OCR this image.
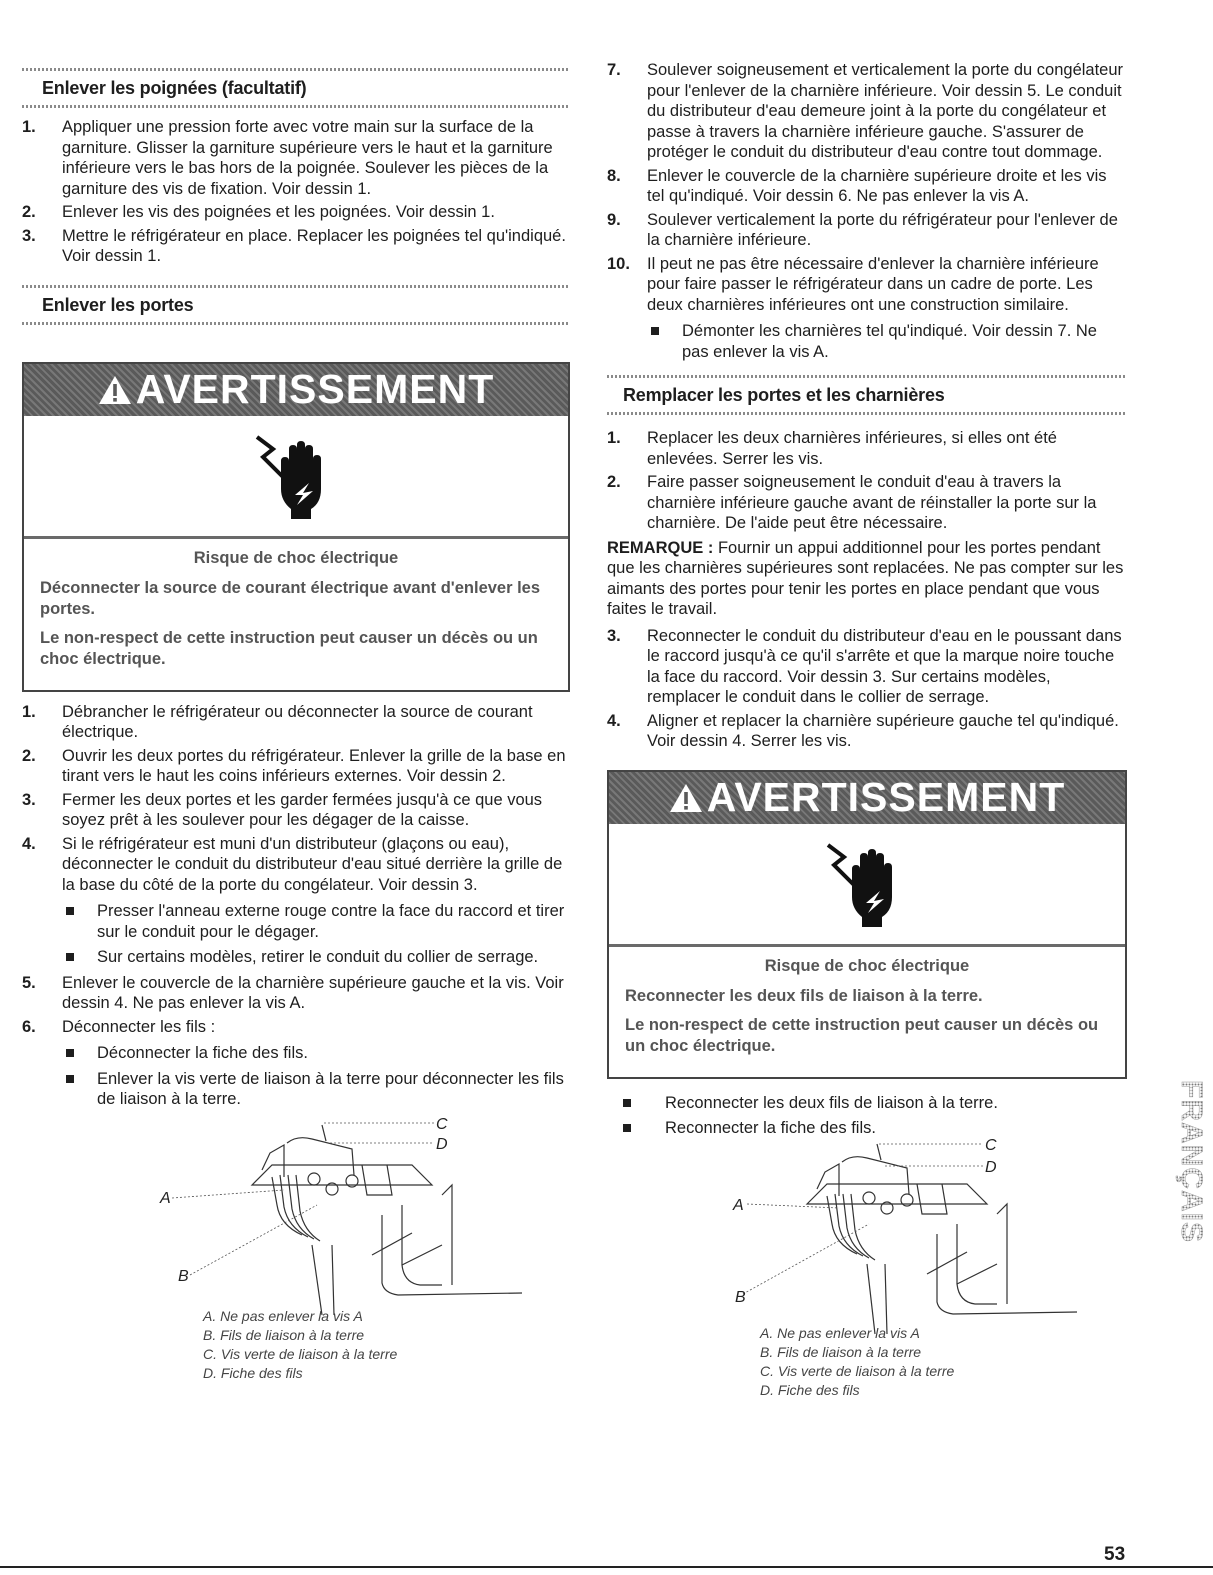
Enlever les poignées (facultatif)
1. Appliquer une pression forte avec votre main sur la surface de la garniture. Glisser la garniture supérieure vers le haut et la garniture inférieure vers le bas hors de la poignée. Soulever les pièces de la garniture des vis de fixation. Voir dessin 1.
2. Enlever les vis des poignées et les poignées. Voir dessin 1.
3. Mettre le réfrigérateur en place. Replacer les poignées tel qu'indiqué. Voir dessin 1.
Enlever les portes
AVERTISSEMENT
Risque de choc électrique

Déconnecter la source de courant électrique avant d'enlever les portes.

Le non-respect de cette instruction peut causer un décès ou un choc électrique.

1. Débrancher le réfrigérateur ou déconnecter la source de courant électrique.
2. Ouvrir les deux portes du réfrigérateur. Enlever la grille de la base en tirant vers le haut les coins inférieurs externes. Voir dessin 2.
3. Fermer les deux portes et les garder fermées jusqu'à ce que vous soyez prêt à les soulever pour les dégager de la caisse.
4. Si le réfrigérateur est muni d'un distributeur (glaçons ou eau), déconnecter le conduit du distributeur d'eau situé derrière la grille de la base du côté de la porte du congélateur. Voir dessin 3.
Presser l'anneau externe rouge contre la face du raccord et tirer sur le conduit pour le dégager.
Sur certains modèles, retirer le conduit du collier de serrage.
5. Enlever le couvercle de la charnière supérieure gauche et la vis. Voir dessin 4. Ne pas enlever la vis A.
6. Déconnecter les fils :
Déconnecter la fiche des fils.
Enlever la vis verte de liaison à la terre pour déconnecter les fils de liaison à la terre.
A
B
C
D
A. Ne pas enlever la vis A
B. Fils de liaison à la terre
C. Vis verte de liaison à la terre
D. Fiche des fils
7. Soulever soigneusement et verticalement la porte du congélateur pour l'enlever de la charnière inférieure. Voir dessin 5. Le conduit du distributeur d'eau demeure joint à la porte du congélateur et passe à travers la charnière inférieure gauche. S'assurer de protéger le conduit du distributeur d'eau contre tout dommage.
8. Enlever le couvercle de la charnière supérieure droite et les vis tel qu'indiqué. Voir dessin 6. Ne pas enlever la vis A.
9. Soulever verticalement la porte du réfrigérateur pour l'enlever de la charnière inférieure.
10. Il peut ne pas être nécessaire d'enlever la charnière inférieure pour faire passer le réfrigérateur dans un cadre de porte. Les deux charnières inférieures ont une construction similaire.
Démonter les charnières tel qu'indiqué. Voir dessin 7. Ne pas enlever la vis A.
Remplacer les portes et les charnières
1. Replacer les deux charnières inférieures, si elles ont été enlevées. Serrer les vis.
2. Faire passer soigneusement le conduit d'eau à travers la charnière inférieure gauche avant de réinstaller la porte sur la charnière. De l'aide peut être nécessaire.
REMARQUE : Fournir un appui additionnel pour les portes pendant que les charnières supérieures sont replacées. Ne pas compter sur les aimants des portes pour tenir les portes en place pendant que vous faites le travail.
3. Reconnecter le conduit du distributeur d'eau en le poussant dans le raccord jusqu'à ce qu'il s'arrête et que la marque noire touche la face du raccord. Voir dessin 3. Sur certains modèles, remplacer le conduit dans le collier de serrage.
4. Aligner et replacer la charnière supérieure gauche tel qu'indiqué. Voir dessin 4. Serrer les vis.
AVERTISSEMENT
Risque de choc électrique

Reconnecter les deux fils de liaison à la terre.

Le non-respect de cette instruction peut causer un décès ou un choc électrique.

Reconnecter les deux fils de liaison à la terre.
Reconnecter la fiche des fils.
A
B
C
D
A. Ne pas enlever la vis A
B. Fils de liaison à la terre
C. Vis verte de liaison à la terre
D. Fiche des fils
FRANÇAIS
53
